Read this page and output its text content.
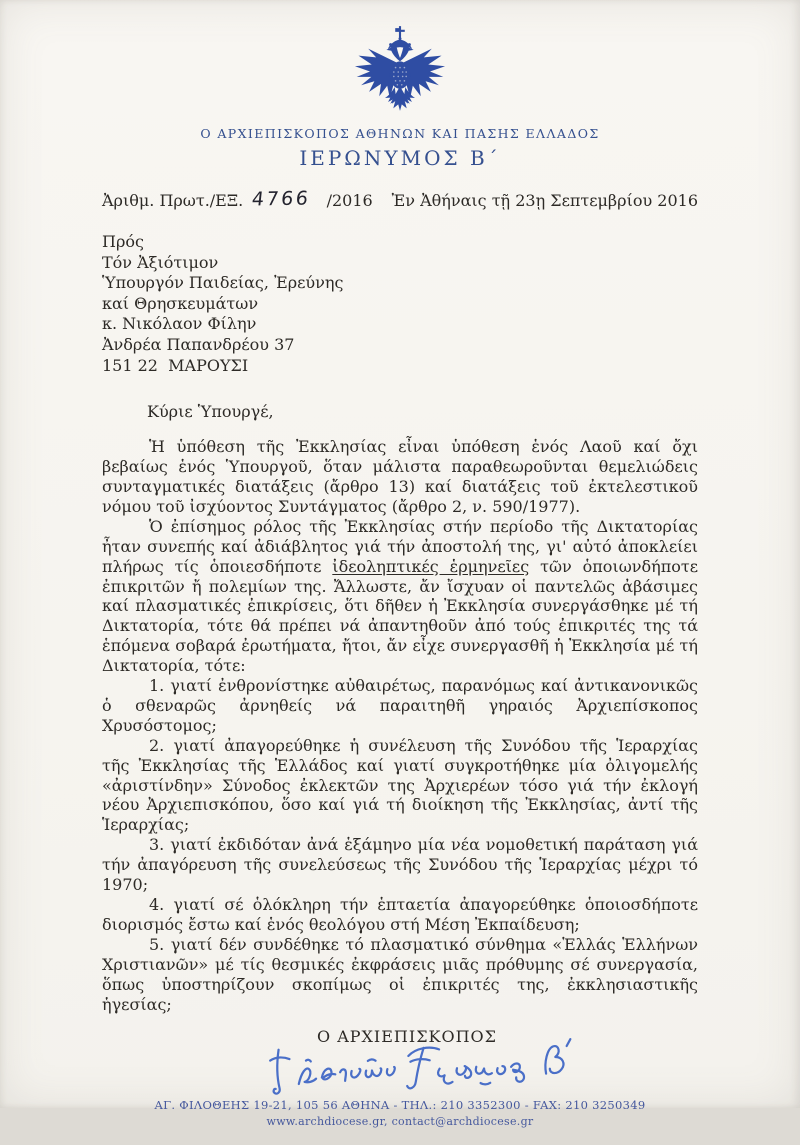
Ο ΑΡΧΙΕΠΙΣΚΟΠΟΣ ΑΘΗΝΩΝ ΚΑΙ ΠΑΣΗΣ ΕΛΛΑΔΟΣ
ΙΕΡΩΝΥΜΟΣ Β΄
Ἀριθμ. Πρωτ./ΕΞ. 4766 /2016 Ἐν Ἀθήναις τῇ 23ῃ Σεπτεμβρίου 2016
Πρός
Τόν Ἀξιότιμον
Ὑπουργόν Παιδείας, Ἐρεύνης
καί Θρησκευμάτων
κ. Νικόλαον Φίλην
Ἀνδρέα Παπανδρέου 37
151 22  ΜΑΡΟΥΣΙ
Κύριε Ὑπουργέ,

Ἡ ὑπόθεση τῆς Ἐκκλησίας εἶναι ὑπόθεση ἑνός Λαοῦ καί ὄχι βεβαίως ἑνός Ὑπουργοῦ, ὅταν μάλιστα παραθεωροῦνται θεμελιώδεις συνταγματικές διατάξεις (ἄρθρο 13) καί διατάξεις τοῦ ἐκτελεστικοῦ νόμου τοῦ ἰσχύοντος Συντάγματος (ἄρθρο 2, ν. 590/1977).

Ὁ ἐπίσημος ρόλος τῆς Ἐκκλησίας στήν περίοδο τῆς Δικτατορίας ἦταν συνεπής καί ἀδιάβλητος γιά τήν ἀποστολή της, γι' αὐτό ἀποκλείει πλήρως τίς ὁποιεσδήποτε ἰδεοληπτικές ἑρμηνεῖες τῶν ὁποιωνδήποτε ἐπικριτῶν ἤ πολεμίων της. Ἄλλωστε, ἄν ἴσχυαν οἱ παντελῶς ἀβάσιμες καί πλασματικές ἐπικρίσεις, ὅτι δῆθεν ἡ Ἐκκλησία συνεργάσθηκε μέ τή Δικτατορία, τότε θά πρέπει νά ἀπαντηθοῦν ἀπό τούς ἐπικριτές της τά ἑπόμενα σοβαρά ἐρωτήματα, ἤτοι, ἄν εἶχε συνεργασθῆ ἡ Ἐκκλησία μέ τή Δικτατορία, τότε:

1. γιατί ἐνθρονίστηκε αὐθαιρέτως, παρανόμως καί ἀντικανονικῶς ὁ σθεναρῶς ἀρνηθείς νά παραιτηθῆ γηραιός Ἀρχιεπίσκοπος Χρυσόστομος;

2. γιατί ἀπαγορεύθηκε ἡ συνέλευση τῆς Συνόδου τῆς Ἱεραρχίας τῆς Ἐκκλησίας τῆς Ἑλλάδος καί γιατί συγκροτήθηκε μία ὀλιγομελής «ἀριστίνδην» Σύνοδος ἐκλεκτῶν της Ἀρχιερέων τόσο γιά τήν ἐκλογή νέου Ἀρχιεπισκόπου, ὅσο καί γιά τή διοίκηση τῆς Ἐκκλησίας, ἀντί τῆς Ἱεραρχίας;

3. γιατί ἐκδιδόταν ἀνά ἑξάμηνο μία νέα νομοθετική παράταση γιά τήν ἀπαγόρευση τῆς συνελεύσεως τῆς Συνόδου τῆς Ἱεραρχίας μέχρι τό 1970;

4. γιατί σέ ὁλόκληρη τήν ἑπταετία ἀπαγορεύθηκε ὁποιοσδήποτε διορισμός ἔστω καί ἑνός θεολόγου στή Μέση Ἐκπαίδευση;

5. γιατί δέν συνδέθηκε τό πλασματικό σύνθημα «Ἑλλάς Ἑλλήνων Χριστιανῶν» μέ τίς θεσμικές ἐκφράσεις μιᾶς πρόθυμης σέ συνεργασία, ὅπως ὑποστηρίζουν σκοπίμως οἱ ἐπικριτές της, ἐκκλησιαστικῆς ἡγεσίας;

Ο ΑΡΧΙΕΠΙΣΚΟΠΟΣ
ΑΓ. ΦΙΛΟΘΕΗΣ 19-21, 105 56 ΑΘΗΝΑ - ΤΗΛ.: 210 3352300 - FAX: 210 3250349
www.archdiocese.gr, contact@archdiocese.gr
